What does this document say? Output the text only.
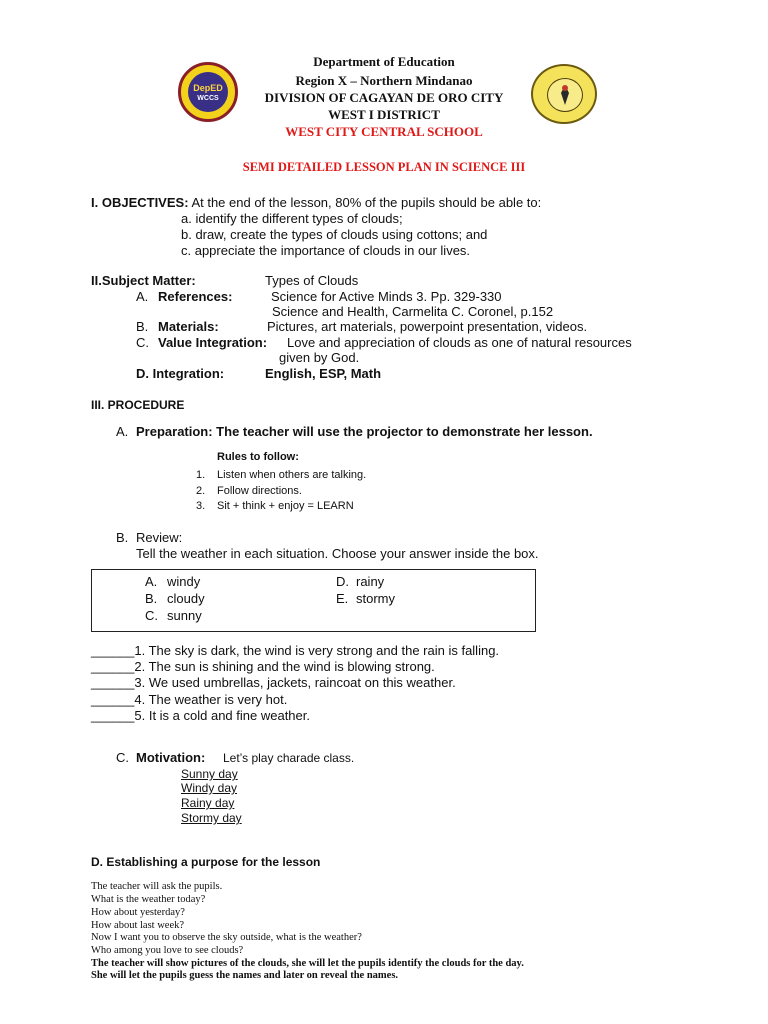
DepED
WCCS
Department of Education
Region X – Northern Mindanao
DIVISION OF CAGAYAN DE ORO CITY
WEST I DISTRICT
WEST CITY CENTRAL SCHOOL
SEMI DETAILED LESSON PLAN IN SCIENCE III
I. OBJECTIVES: At the end of the lesson, 80% of the pupils should be able to:
a. identify the different types of clouds;
b. draw, create the types of clouds using cottons; and
c. appreciate the importance of clouds in our lives.
II.Subject Matter:	Types of Clouds
A. References:	Science for Active Minds 3. Pp. 329-330
Science and Health, Carmelita C. Coronel, p.152
B. Materials:	Pictures, art materials, powerpoint presentation, videos.
C. Value Integration: Love and appreciation of clouds as one of natural resources
given by God.
D. Integration:	English, ESP, Math
III. PROCEDURE
A. Preparation: The teacher will use the projector to demonstrate her lesson.
Rules to follow:
1. Listen when others are talking.
2. Follow directions.
3. Sit + think + enjoy = LEARN
B. Review:
Tell the weather in each situation. Choose your answer inside the box.
A. windy
B. cloudy
C. sunny
D. rainy
E. stormy
______1. The sky is dark, the wind is very strong and the rain is falling.
______2. The sun is shining and the wind is blowing strong.
______3. We used umbrellas, jackets, raincoat on this weather.
______4. The weather is very hot.
______5. It is a cold and fine weather.
C. Motivation: Let’s play charade class.
Sunny day
Windy day
Rainy day
Stormy day
D. Establishing a purpose for the lesson
The teacher will ask the pupils.
What is the weather today?
How about yesterday?
How about last week?
Now I want you to observe the sky outside, what is the weather?
Who among you love to see clouds?
The teacher will show pictures of the clouds, she will let the pupils identify the clouds for the day.
She will let the pupils guess the names and later on reveal the names.
